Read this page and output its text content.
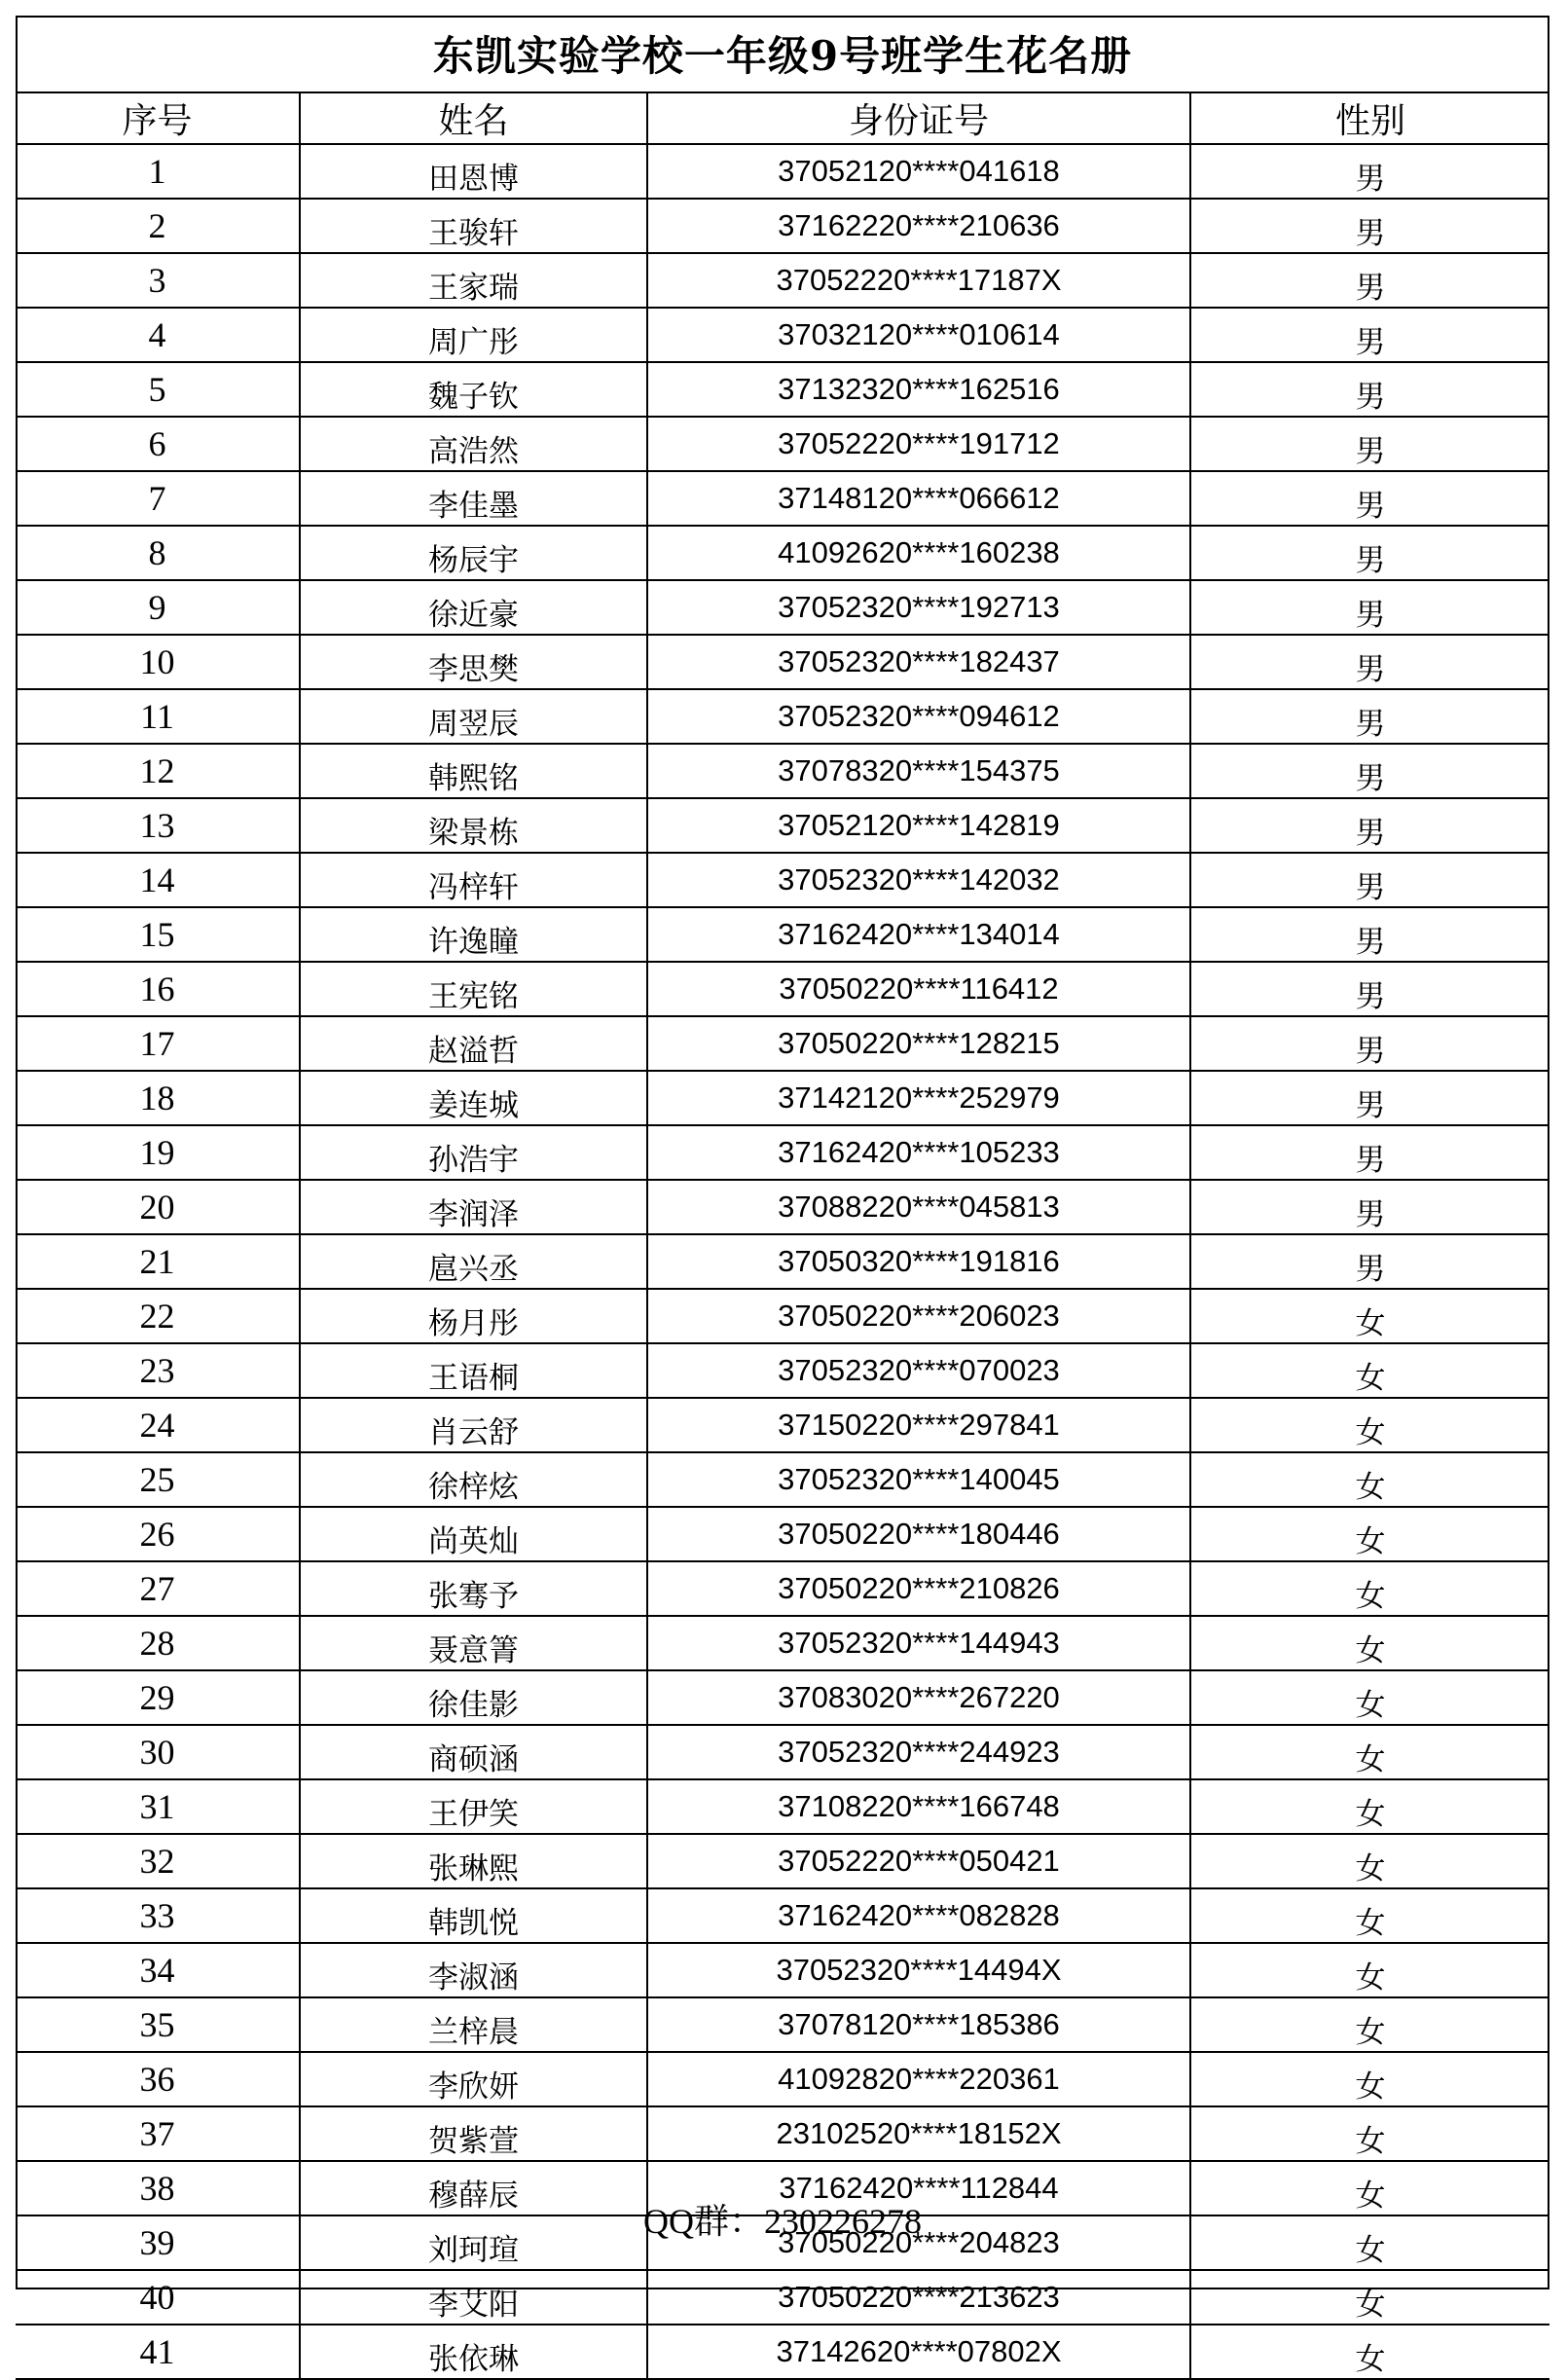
东凯实验学校一年级9号班学生花名册
序号	姓名	身份证号	性别
1	田恩博	37052120****041618	男
2	王骏轩	37162220****210636	男
3	王家瑞	37052220****17187X	男
4	周广彤	37032120****010614	男
5	魏子钦	37132320****162516	男
6	高浩然	37052220****191712	男
7	李佳墨	37148120****066612	男
8	杨辰宇	41092620****160238	男
9	徐近豪	37052320****192713	男
10	李思樊	37052320****182437	男
11	周翌辰	37052320****094612	男
12	韩熙铭	37078320****154375	男
13	梁景栋	37052120****142819	男
14	冯梓轩	37052320****142032	男
15	许逸瞳	37162420****134014	男
16	王宪铭	37050220****116412	男
17	赵溢哲	37050220****128215	男
18	姜连城	37142120****252979	男
19	孙浩宇	37162420****105233	男
20	李润泽	37088220****045813	男
21	扈兴丞	37050320****191816	男
22	杨月彤	37050220****206023	女
23	王语桐	37052320****070023	女
24	肖云舒	37150220****297841	女
25	徐梓炫	37052320****140045	女
26	尚英灿	37050220****180446	女
27	张骞予	37050220****210826	女
28	聂意箐	37052320****144943	女
29	徐佳影	37083020****267220	女
30	商硕涵	37052320****244923	女
31	王伊笑	37108220****166748	女
32	张琳熙	37052220****050421	女
33	韩凯悦	37162420****082828	女
34	李淑涵	37052320****14494X	女
35	兰梓晨	37078120****185386	女
36	李欣妍	41092820****220361	女
37	贺紫萱	23102520****18152X	女
38	穆薛辰	37162420****112844	女
39	刘珂瑄	37050220****204823	女
40	李艾阳	37050220****213623	女
41	张依琳	37142620****07802X	女
QQ群：230226278
